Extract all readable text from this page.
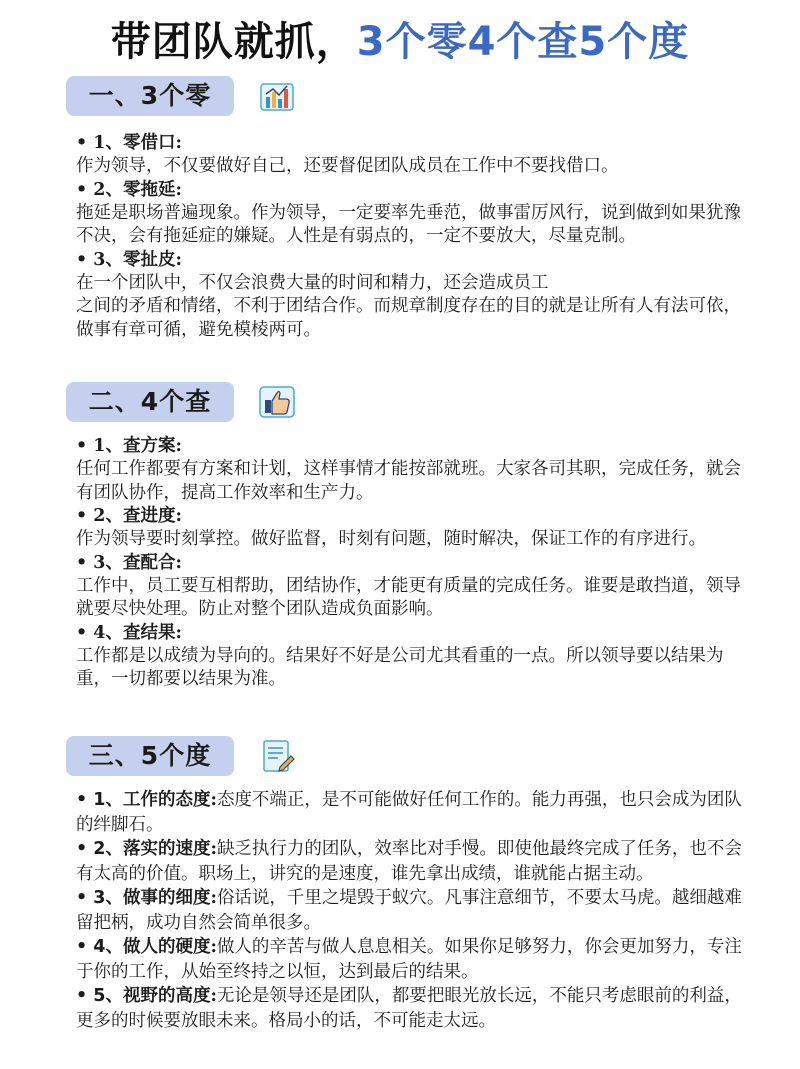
带团队就抓，3个零4个查5个度
一、3个零
• 1、零借口:
作为领导，不仅要做好自己，还要督促团队成员在工作中不要找借口。
• 2、零拖延:
拖延是职场普遍现象。作为领导，一定要率先垂范，做事雷厉风行，说到做到如果犹豫不决，会有拖延症的嫌疑。人性是有弱点的，一定不要放大，尽量克制。
• 3、零扯皮:
在一个团队中，不仅会浪费大量的时间和精力，还会造成员工
之间的矛盾和情绪，不利于团结合作。而规章制度存在的目的就是让所有人有法可依，做事有章可循，避免模棱两可。
二、4个查
• 1、查方案:
任何工作都要有方案和计划，这样事情才能按部就班。大家各司其职，完成任务，就会有团队协作，提高工作效率和生产力。
• 2、查进度:
作为领导要时刻掌控。做好监督，时刻有问题，随时解决，保证工作的有序进行。
• 3、查配合:
工作中，员工要互相帮助，团结协作，才能更有质量的完成任务。谁要是敢挡道，领导就要尽快处理。防止对整个团队造成负面影响。
• 4、查结果:
工作都是以成绩为导向的。结果好不好是公司尤其看重的一点。所以领导要以结果为重，一切都要以结果为准。
三、5个度
• 1、工作的态度:态度不端正，是不可能做好任何工作的。能力再强，也只会成为团队的绊脚石。
• 2、落实的速度:缺乏执行力的团队，效率比对手慢。即使他最终完成了任务，也不会有太高的价值。职场上，讲究的是速度，谁先拿出成绩，谁就能占据主动。
• 3、做事的细度:俗话说，千里之堤毁于蚁穴。凡事注意细节，不要太马虎。越细越难留把柄，成功自然会简单很多。
• 4、做人的硬度:做人的辛苦与做人息息相关。如果你足够努力，你会更加努力，专注于你的工作，从始至终持之以恒，达到最后的结果。
• 5、视野的高度:无论是领导还是团队，都要把眼光放长远，不能只考虑眼前的利益，更多的时候要放眼未来。格局小的话，不可能走太远。
